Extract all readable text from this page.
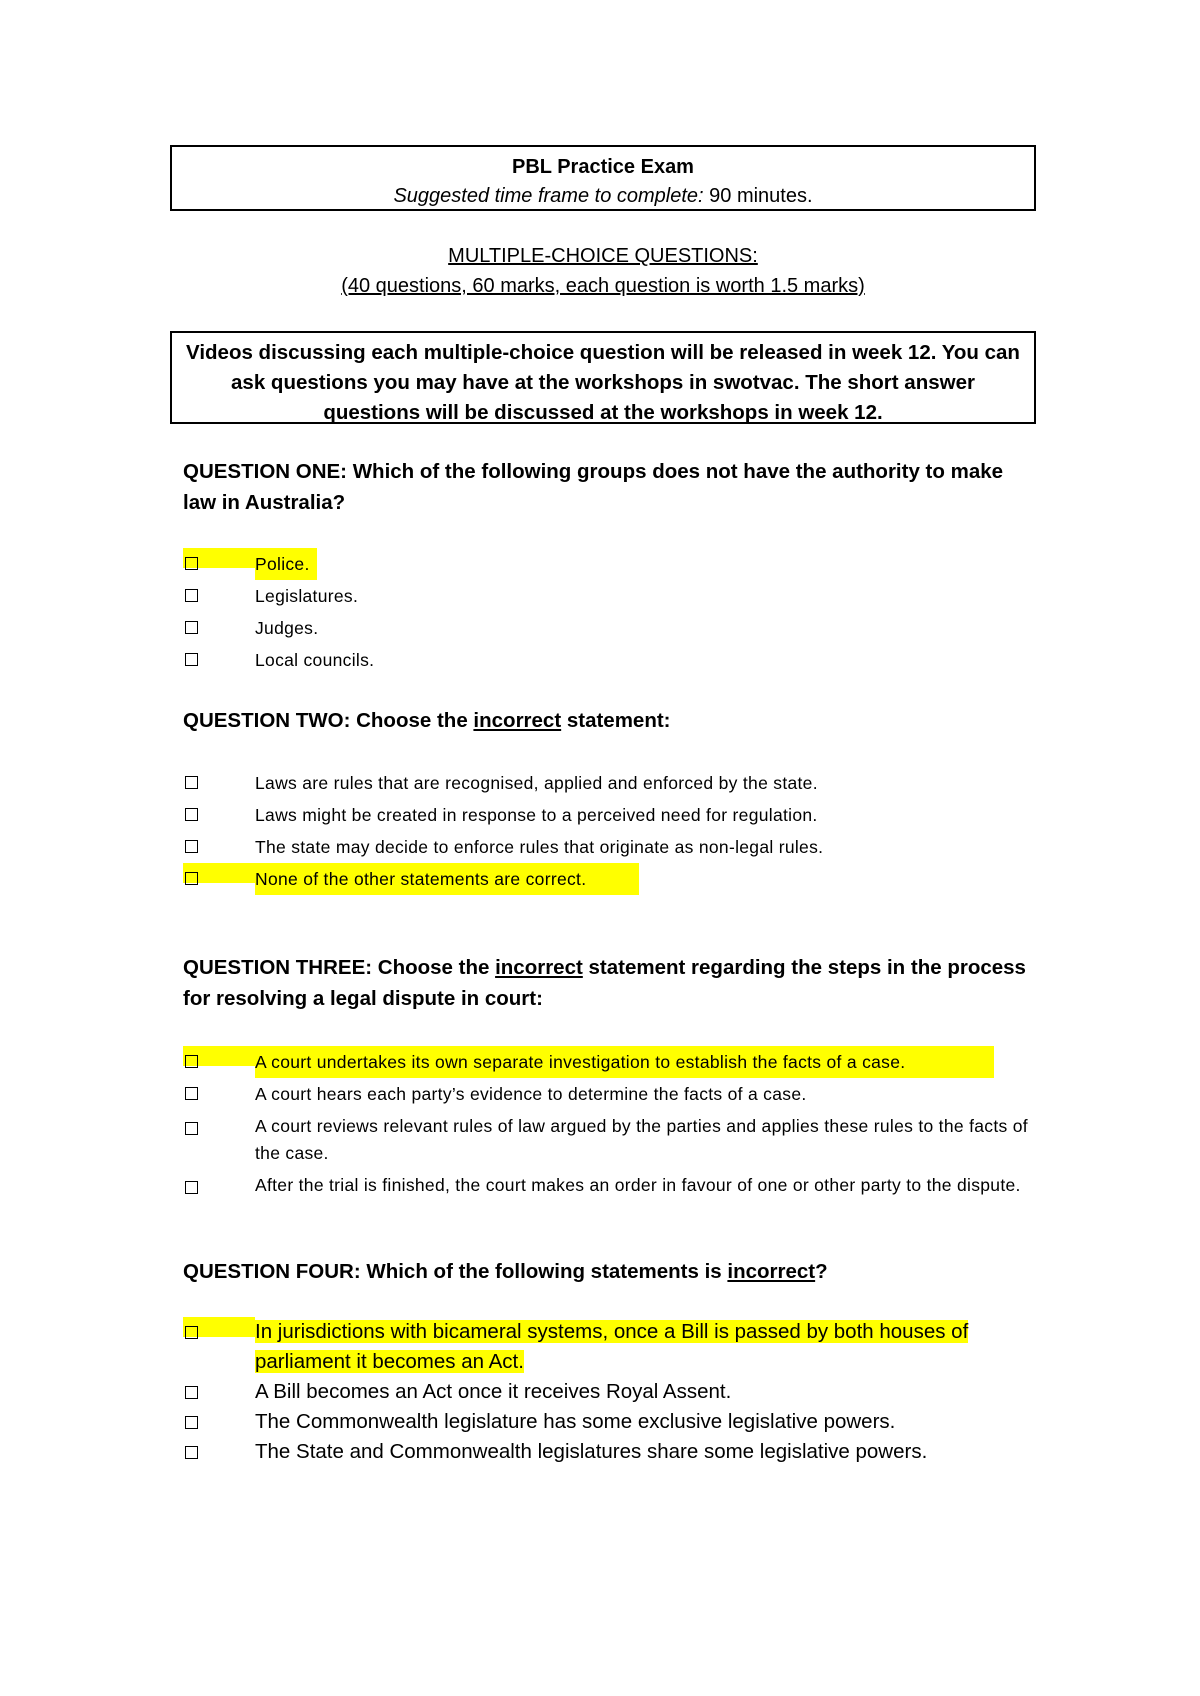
PBL Practice Exam
Suggested time frame to complete: 90 minutes.
MULTIPLE-CHOICE QUESTIONS:
(40 questions, 60 marks, each question is worth 1.5 marks)
Videos discussing each multiple-choice question will be released in week 12. You can ask questions you may have at the workshops in swotvac. The short answer questions will be discussed at the workshops in week 12.
QUESTION ONE: Which of the following groups does not have the authority to make law in Australia?
Police.
Legislatures.
Judges.
Local councils.
QUESTION TWO: Choose the incorrect statement:
Laws are rules that are recognised, applied and enforced by the state.
Laws might be created in response to a perceived need for regulation.
The state may decide to enforce rules that originate as non-legal rules.
None of the other statements are correct.
QUESTION THREE: Choose the incorrect statement regarding the steps in the process for resolving a legal dispute in court:
A court undertakes its own separate investigation to establish the facts of a case.
A court hears each party’s evidence to determine the facts of a case.
A court reviews relevant rules of law argued by the parties and applies these rules to the facts of the case.
After the trial is finished, the court makes an order in favour of one or other party to the dispute.
QUESTION FOUR: Which of the following statements is incorrect?
In jurisdictions with bicameral systems, once a Bill is passed by both houses of parliament it becomes an Act.
A Bill becomes an Act once it receives Royal Assent.
The Commonwealth legislature has some exclusive legislative powers.
The State and Commonwealth legislatures share some legislative powers.
